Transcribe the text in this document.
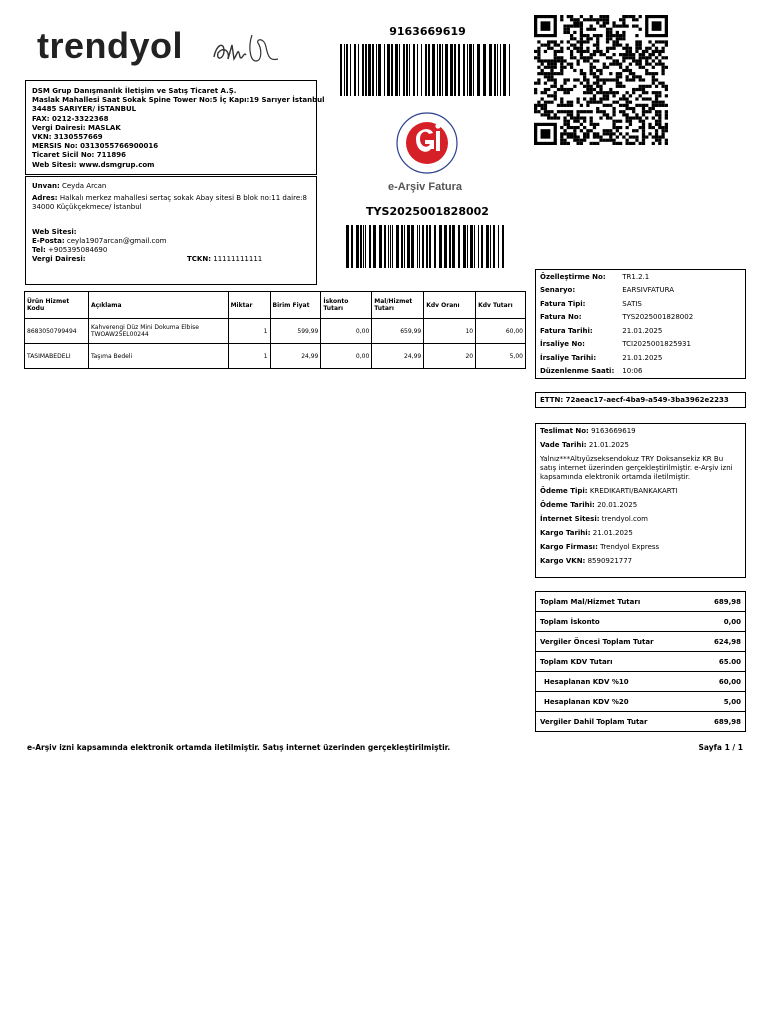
trendyol
DSM Grup Danışmanlık İletişim ve Satış Ticaret A.Ş.
Maslak Mahallesi Saat Sokak Spine Tower No:5 İç Kapı:19 Sarıyer İstanbul
34485 SARIYER/ İSTANBUL
FAX: 0212-3322368
Vergi Dairesi: MASLAK
VKN: 3130557669
MERSIS No: 0313055766900016
Ticaret Sicil No: 711896
Web Sitesi: www.dsmgrup.com
Unvan: Ceyda Arcan
Adres: Halkalı merkez mahallesi sertaç sokak Abay sitesi B blok no:11 daire:8 34000 Küçükçekmece/ İstanbul
Web Sitesi:
E-Posta: ceyla1907arcan@gmail.com
Tel: +905395084690
Vergi Dairesi:	TCKN: 11111111111
9163669619
e-Arşiv Fatura
TYS2025001828002
Ürün Hizmet Kodu	Açıklama	Miktar	Birim Fiyat	İskonto Tutarı	Mal/Hizmet Tutarı	Kdv Oranı	Kdv Tutarı
8683050799494	Kahverengi Düz Mini Dokuma Elbise TWOAW25EL00244	1	599,99	0,00	659,99	10	60,00
TASIMABEDELI	Taşıma Bedeli	1	24,99	0,00	24,99	20	5,00
Özelleştirme No:	TR1.2.1
Senaryo:	EARSIVFATURA
Fatura Tipi:	SATIS
Fatura No:	TYS2025001828002
Fatura Tarihi:	21.01.2025
İrsaliye No:	TCI2025001825931
İrsaliye Tarihi:	21.01.2025
Düzenlenme Saati:	10:06
ETTN: 72aeac17-aecf-4ba9-a549-3ba3962e2233
Teslimat No: 9163669619
Vade Tarihi: 21.01.2025
Yalnız***Altıyüzseksendokuz TRY Doksansekiz KR Bu satış internet üzerinden gerçekleştirilmiştir. e-Arşiv izni kapsamında elektronik ortamda iletilmiştir.
Ödeme Tipi: KREDIKARTI/BANKAKARTI
Ödeme Tarihi: 20.01.2025
İnternet Sitesi: trendyol.com
Kargo Tarihi: 21.01.2025
Kargo Firması: Trendyol Express
Kargo VKN: 8590921777
Toplam Mal/Hizmet Tutarı	689,98
Toplam İskonto	0,00
Vergiler Öncesi Toplam Tutar	624,98
Toplam KDV Tutarı	65.00
Hesaplanan KDV %10	60,00
Hesaplanan KDV %20	5,00
Vergiler Dahil Toplam Tutar	689,98
e-Arşiv izni kapsamında elektronik ortamda iletilmiştir. Satış internet üzerinden gerçekleştirilmiştir.	Sayfa 1 / 1
